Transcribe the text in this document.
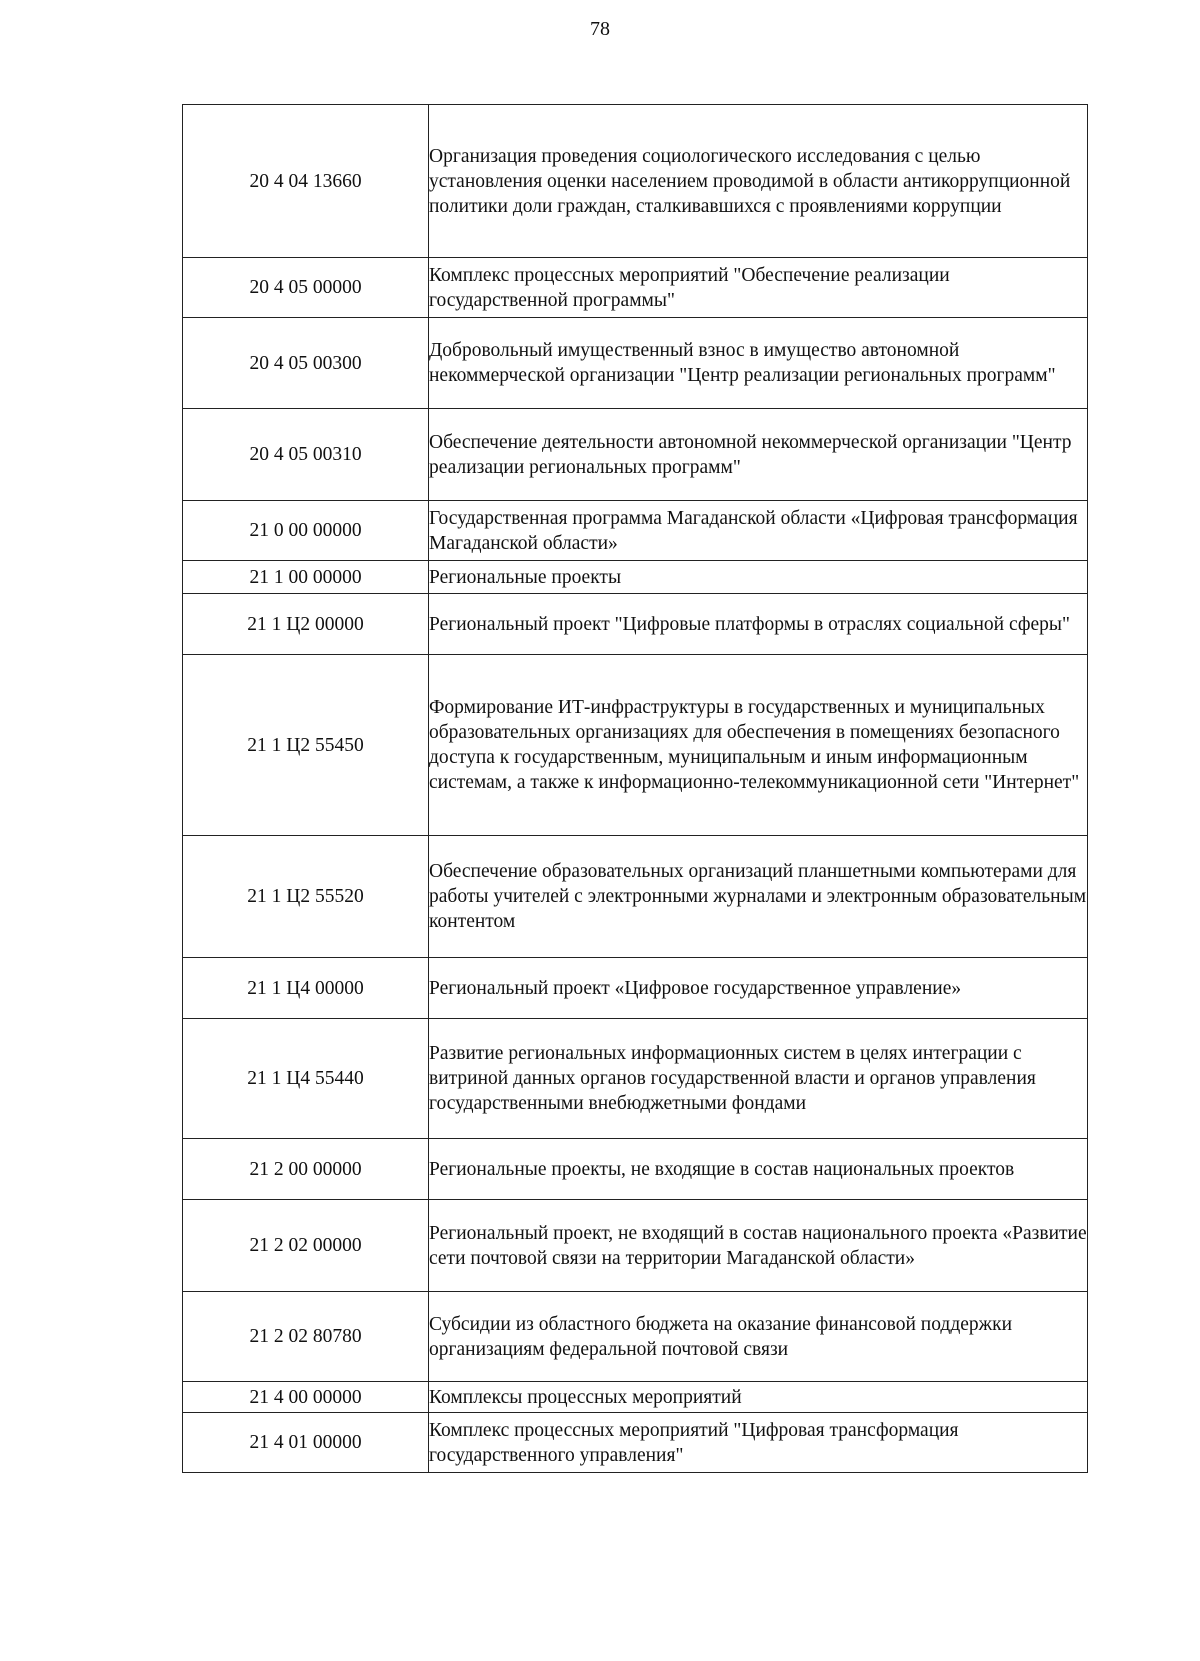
78
20 4 04 13660	Организация проведения социологического исследования с целью установления оценки населением проводимой в области антикоррупционной политики доли граждан, сталкивавшихся с проявлениями коррупции

20 4 05 00000	Комплекс процессных мероприятий "Обеспечение реализации государственной программы"

20 4 05 00300	Добровольный имущественный взнос в имущество автономной некоммерческой организации "Центр реализации региональных программ"

20 4 05 00310	Обеспечение деятельности автономной некоммерческой организации "Центр реализации региональных программ"

21 0 00 00000	Государственная программа Магаданской области «Цифровая трансформация Магаданской области»

21 1 00 00000	Региональные проекты

21 1 Ц2 00000	Региональный проект "Цифровые платформы в отраслях социальной сферы"

21 1 Ц2 55450	Формирование ИТ-инфраструктуры в государственных и муниципальных образовательных организациях для обеспечения в помещениях безопасного доступа к государственным, муниципальным и иным информационным системам, а также к информационно-телекоммуникационной сети "Интернет"

21 1 Ц2 55520	Обеспечение образовательных организаций планшетными компьютерами для работы учителей с электронными журналами и электронным образовательным контентом

21 1 Ц4 00000	Региональный проект «Цифровое государственное управление»

21 1 Ц4 55440	Развитие региональных информационных систем в целях интеграции с витриной данных органов государственной власти и органов управления государственными внебюджетными фондами

21 2 00 00000	Региональные проекты, не входящие в состав национальных проектов

21 2 02 00000	Региональный проект, не входящий в состав национального проекта «Развитие сети почтовой связи на территории Магаданской области»

21 2 02 80780	Субсидии из областного бюджета на оказание финансовой поддержки организациям федеральной почтовой связи

21 4 00 00000	Комплексы процессных мероприятий

21 4 01 00000	Комплекс процессных мероприятий "Цифровая трансформация государственного управления"
